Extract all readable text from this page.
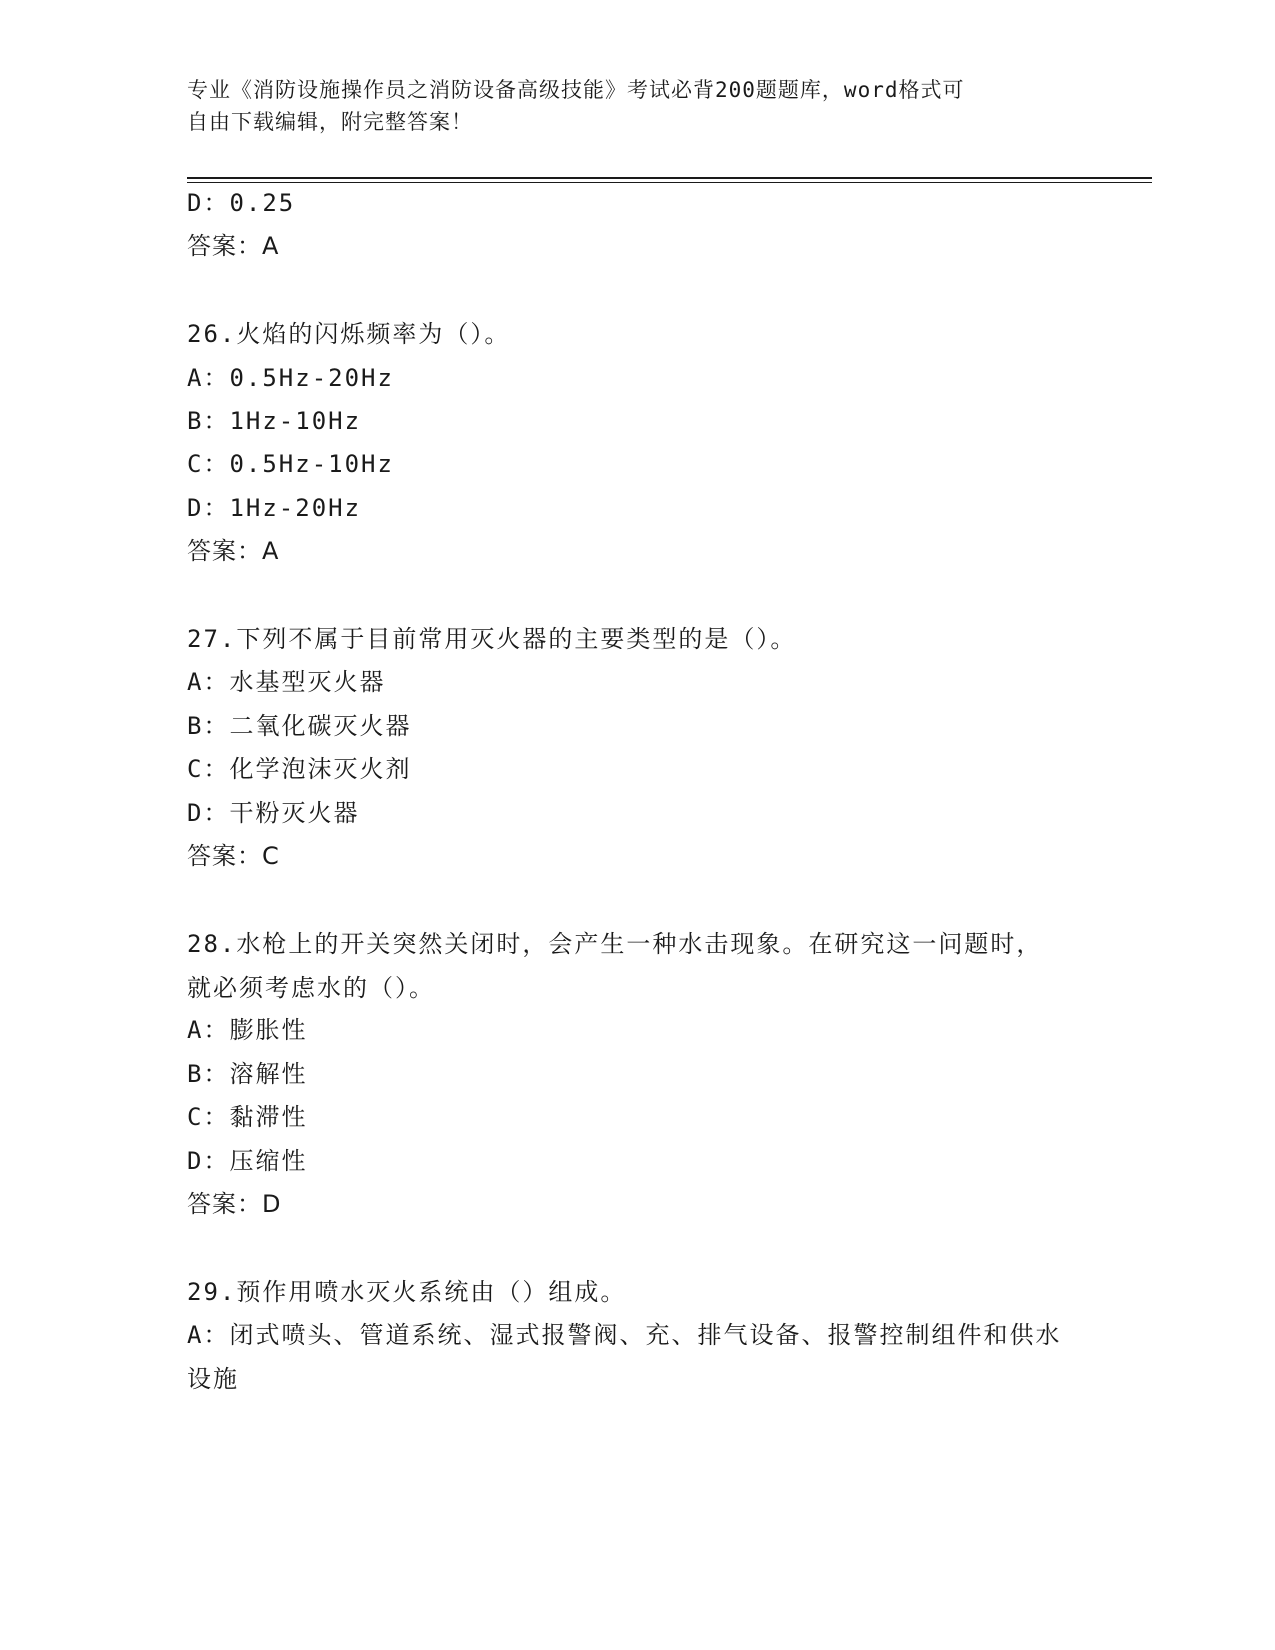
专业《消防设施操作员之消防设备高级技能》考试必背200题题库，word格式可
自由下载编辑，附完整答案！
D：0.25
答案：A
26.火焰的闪烁频率为（）。
A：0.5Hz-20Hz
B：1Hz-10Hz
C：0.5Hz-10Hz
D：1Hz-20Hz
答案：A
27.下列不属于目前常用灭火器的主要类型的是（）。
A：水基型灭火器
B：二氧化碳灭火器
C：化学泡沫灭火剂
D：干粉灭火器
答案：C
28.水枪上的开关突然关闭时，会产生一种水击现象。在研究这一问题时，就必须考虑水的（）。
A：膨胀性
B：溶解性
C：黏滞性
D：压缩性
答案：D
29.预作用喷水灭火系统由（）组成。
A：闭式喷头、管道系统、湿式报警阀、充、排气设备、报警控制组件和供水设施
